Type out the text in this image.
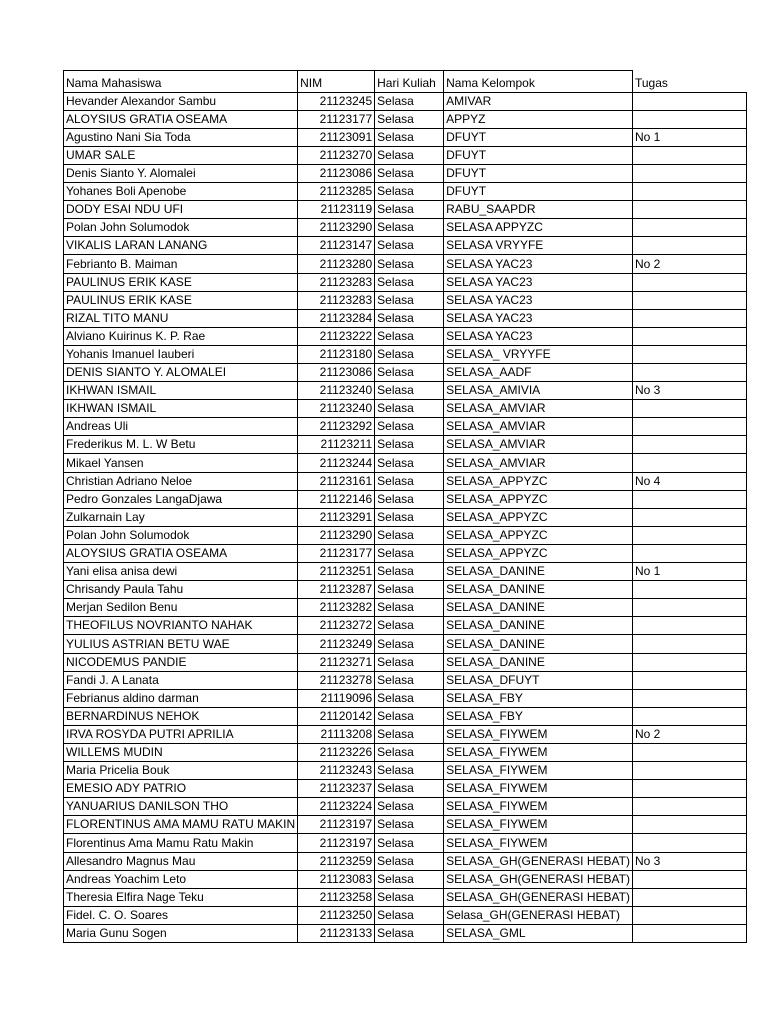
Nama Mahasiswa	NIM	Hari Kuliah	Nama Kelompok	Tugas
Hevander Alexandor Sambu	21123245	Selasa	AMIVAR	
ALOYSIUS GRATIA OSEAMA	21123177	Selasa	APPYZ	
Agustino Nani Sia Toda	21123091	Selasa	DFUYT	No 1
UMAR SALE	21123270	Selasa	DFUYT	
Denis Sianto Y. Alomalei	21123086	Selasa	DFUYT	
Yohanes Boli Apenobe	21123285	Selasa	DFUYT	
DODY ESAI NDU UFI	21123119	Selasa	RABU_SAAPDR	
Polan John Solumodok	21123290	Selasa	SELASA APPYZC	
VIKALIS LARAN LANANG	21123147	Selasa	SELASA VRYYFE	
Febrianto B. Maiman	21123280	Selasa	SELASA YAC23	No 2
PAULINUS ERIK KASE	21123283	Selasa	SELASA YAC23	
PAULINUS ERIK KASE	21123283	Selasa	SELASA YAC23	
RIZAL TITO MANU	21123284	Selasa	SELASA YAC23	
Alviano Kuirinus K. P. Rae	21123222	Selasa	SELASA YAC23	
Yohanis Imanuel Iauberi	21123180	Selasa	SELASA_ VRYYFE	
DENIS SIANTO Y. ALOMALEI	21123086	Selasa	SELASA_AADF	
IKHWAN ISMAIL	21123240	Selasa	SELASA_AMIVIA	No 3
IKHWAN ISMAIL	21123240	Selasa	SELASA_AMVIAR	
Andreas Uli	21123292	Selasa	SELASA_AMVIAR	
Frederikus M. L. W Betu	21123211	Selasa	SELASA_AMVIAR	
Mikael Yansen	21123244	Selasa	SELASA_AMVIAR	
Christian Adriano Neloe	21123161	Selasa	SELASA_APPYZC	No 4
Pedro Gonzales LangaDjawa	21122146	Selasa	SELASA_APPYZC	
Zulkarnain Lay	21123291	Selasa	SELASA_APPYZC	
Polan John Solumodok	21123290	Selasa	SELASA_APPYZC	
ALOYSIUS GRATIA OSEAMA	21123177	Selasa	SELASA_APPYZC	
Yani elisa anisa dewi	21123251	Selasa	SELASA_DANINE	No 1
Chrisandy Paula Tahu	21123287	Selasa	SELASA_DANINE	
Merjan Sedilon Benu	21123282	Selasa	SELASA_DANINE	
THEOFILUS NOVRIANTO NAHAK	21123272	Selasa	SELASA_DANINE	
YULIUS ASTRIAN BETU WAE	21123249	Selasa	SELASA_DANINE	
NICODEMUS PANDIE	21123271	Selasa	SELASA_DANINE	
Fandi J. A Lanata	21123278	Selasa	SELASA_DFUYT	
Febrianus aldino darman	21119096	Selasa	SELASA_FBY	
BERNARDINUS NEHOK	21120142	Selasa	SELASA_FBY	
IRVA ROSYDA PUTRI APRILIA	21113208	Selasa	SELASA_FIYWEM	No 2
WILLEMS MUDIN	21123226	Selasa	SELASA_FIYWEM	
Maria Pricelia Bouk	21123243	Selasa	SELASA_FIYWEM	
EMESIO ADY PATRIO	21123237	Selasa	SELASA_FIYWEM	
YANUARIUS DANILSON THO	21123224	Selasa	SELASA_FIYWEM	
FLORENTINUS AMA MAMU RATU MAKIN	21123197	Selasa	SELASA_FIYWEM	
Florentinus Ama Mamu Ratu Makin	21123197	Selasa	SELASA_FIYWEM	
Allesandro Magnus Mau	21123259	Selasa	SELASA_GH(GENERASI HEBAT)	No 3
Andreas Yoachim Leto	21123083	Selasa	SELASA_GH(GENERASI HEBAT)	
Theresia Elfira Nage Teku	21123258	Selasa	SELASA_GH(GENERASI HEBAT)	
Fidel. C. O. Soares	21123250	Selasa	Selasa_GH(GENERASI HEBAT)	
Maria Gunu Sogen	21123133	Selasa	SELASA_GML	
